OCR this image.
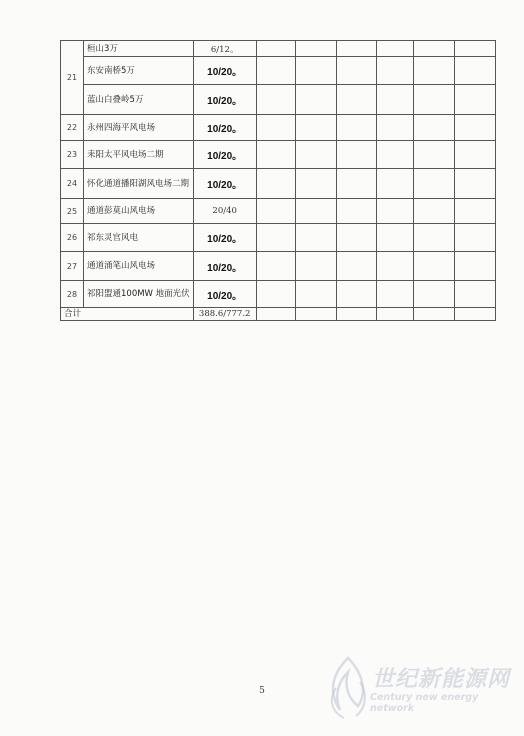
21	桓山3万	6/12。						
	东安南桥5万	10/20。						
	蓝山白叠岭5万	10/20。						
22	永州四海平风电场	10/20。						
23	耒阳太平风电场二期	10/20。						
24	怀化通道播阳湖风电场二期	10/20。						
25	通道彭莫山风电场	20/40						
26	祁东灵官风电	10/20。						
27	通道涌笔山风电场	10/20。						
28	祁阳盟通100MW 地面光伏	10/20。						
合计		388.6/777.2						
5	世纪新能源网
Century new energy network
